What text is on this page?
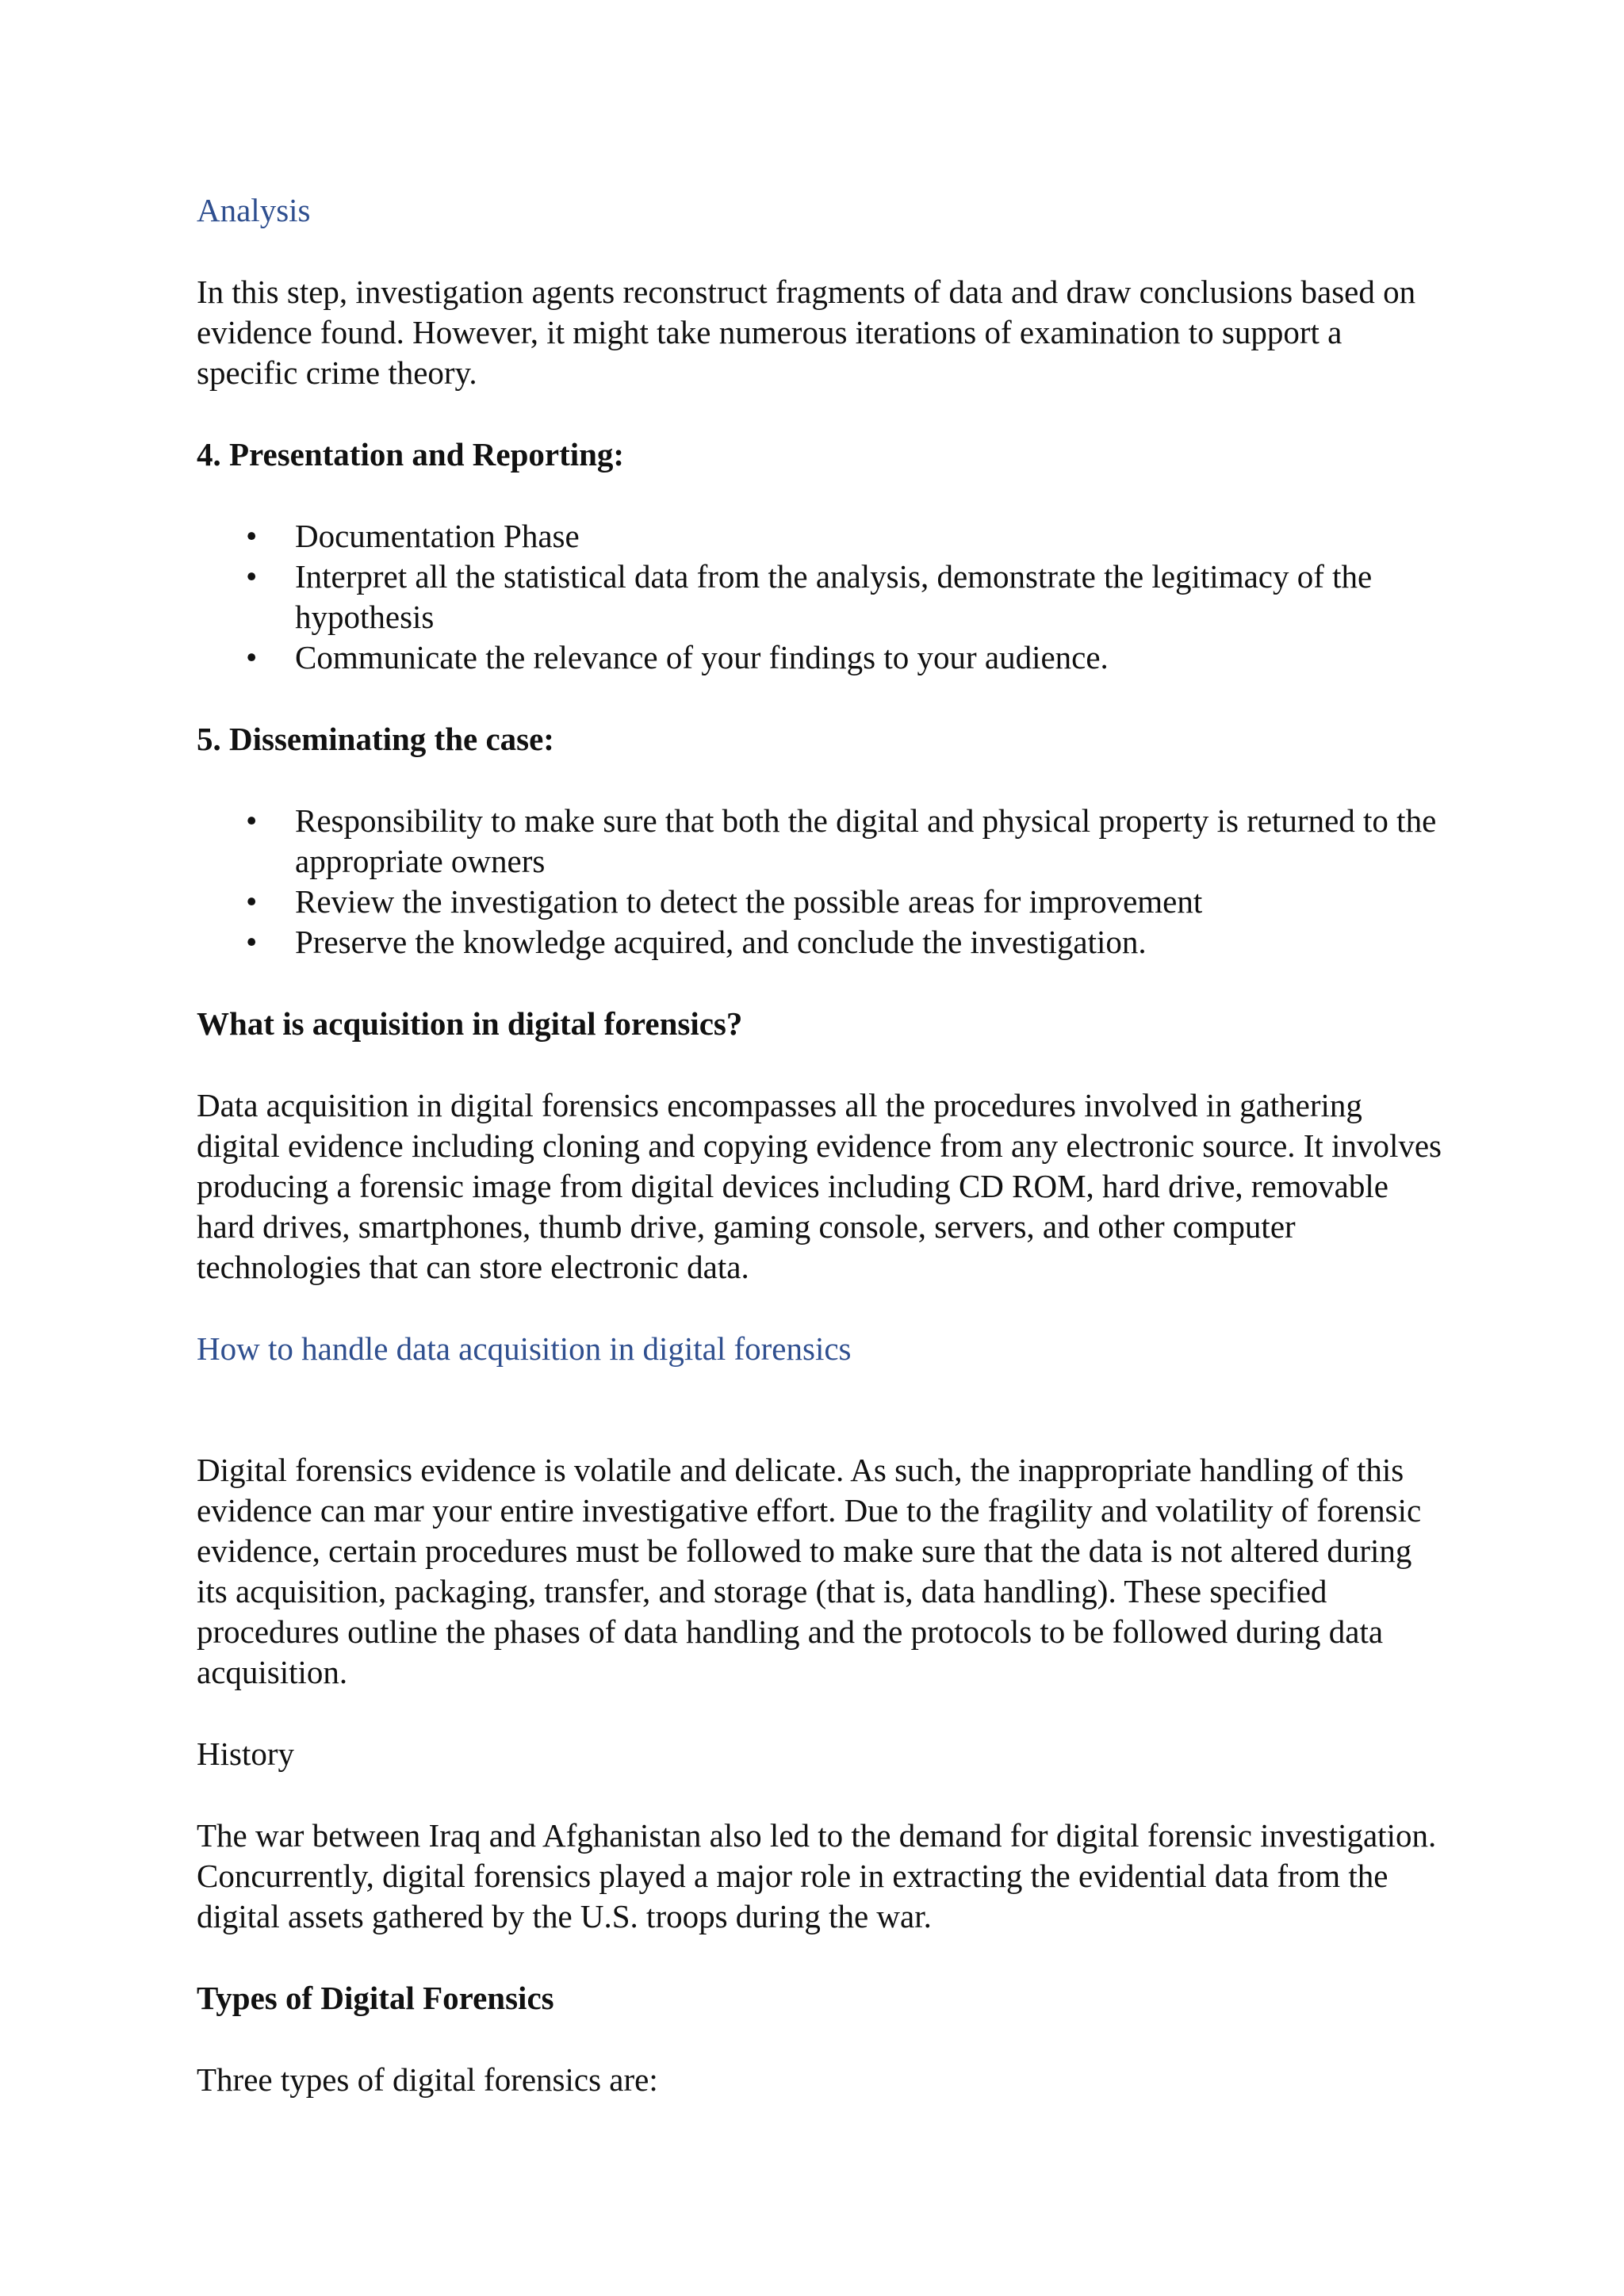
Analysis

In this step, investigation agents reconstruct fragments of data and draw conclusions based on evidence found. However, it might take numerous iterations of examination to support a specific crime theory.

4. Presentation and Reporting:
• Documentation Phase
• Interpret all the statistical data from the analysis, demonstrate the legitimacy of the hypothesis
• Communicate the relevance of your findings to your audience.
5. Disseminating the case:
• Responsibility to make sure that both the digital and physical property is returned to the appropriate owners
• Review the investigation to detect the possible areas for improvement
• Preserve the knowledge acquired, and conclude the investigation.
What is acquisition in digital forensics?

Data acquisition in digital forensics encompasses all the procedures involved in gathering digital evidence including cloning and copying evidence from any electronic source. It involves producing a forensic image from digital devices including CD ROM, hard drive, removable hard drives, smartphones, thumb drive, gaming console, servers, and other computer technologies that can store electronic data.

How to handle data acquisition in digital forensics

Digital forensics evidence is volatile and delicate. As such, the inappropriate handling of this evidence can mar your entire investigative effort. Due to the fragility and volatility of forensic evidence, certain procedures must be followed to make sure that the data is not altered during its acquisition, packaging, transfer, and storage (that is, data handling). These specified procedures outline the phases of data handling and the protocols to be followed during data acquisition.

History

The war between Iraq and Afghanistan also led to the demand for digital forensic investigation. Concurrently, digital forensics played a major role in extracting the evidential data from the digital assets gathered by the U.S. troops during the war.

Types of Digital Forensics

Three types of digital forensics are:
